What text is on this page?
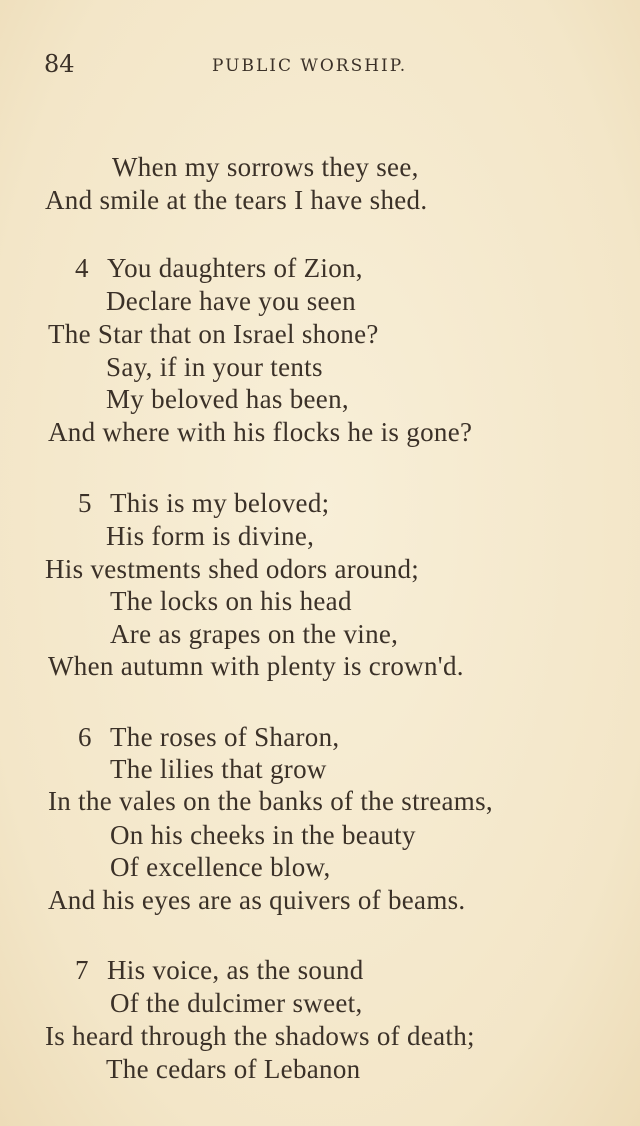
84	PUBLIC WORSHIP.
When my sorrows they see,
And smile at the tears I have shed.
4 You daughters of Zion,
Declare have you seen
The Star that on Israel shone?
Say, if in your tents
My beloved has been,
And where with his flocks he is gone?
5 This is my beloved;
His form is divine,
His vestments shed odors around;
The locks on his head
Are as grapes on the vine,
When autumn with plenty is crown'd.
6 The roses of Sharon,
The lilies that grow
In the vales on the banks of the streams,
On his cheeks in the beauty
Of excellence blow,
And his eyes are as quivers of beams.
7 His voice, as the sound
Of the dulcimer sweet,
Is heard through the shadows of death;
The cedars of Lebanon
